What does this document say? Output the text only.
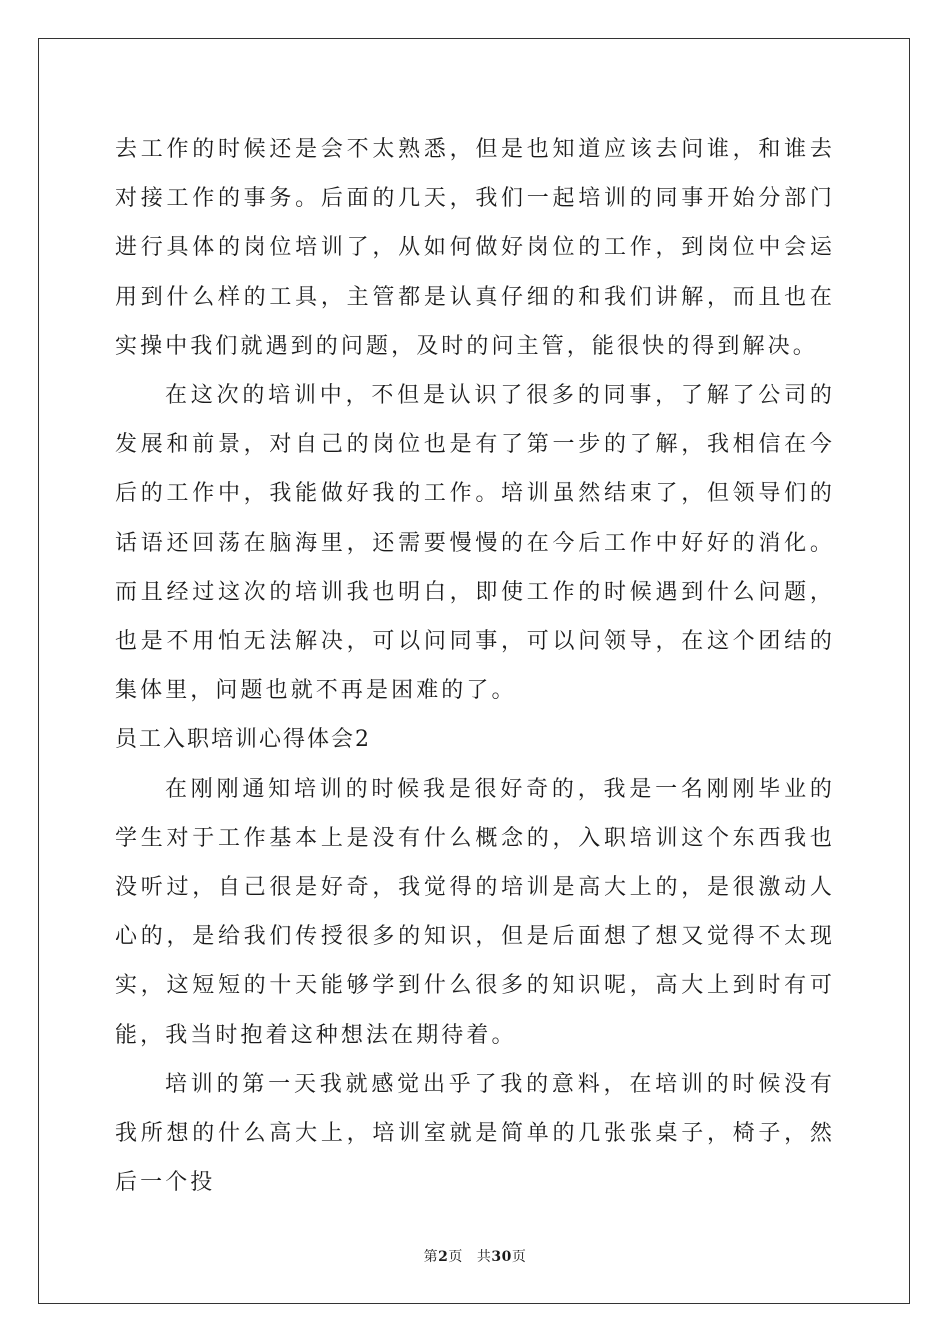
去工作的时候还是会不太熟悉，但是也知道应该去问谁，和谁去对接工作的事务。后面的几天，我们一起培训的同事开始分部门进行具体的岗位培训了，从如何做好岗位的工作，到岗位中会运用到什么样的工具，主管都是认真仔细的和我们讲解，而且也在实操中我们就遇到的问题，及时的问主管，能很快的得到解决。

在这次的培训中，不但是认识了很多的同事，了解了公司的发展和前景，对自己的岗位也是有了第一步的了解，我相信在今后的工作中，我能做好我的工作。培训虽然结束了，但领导们的话语还回荡在脑海里，还需要慢慢的在今后工作中好好的消化。而且经过这次的培训我也明白，即使工作的时候遇到什么问题，也是不用怕无法解决，可以问同事，可以问领导，在这个团结的集体里，问题也就不再是困难的了。

员工入职培训心得体会2

在刚刚通知培训的时候我是很好奇的，我是一名刚刚毕业的学生对于工作基本上是没有什么概念的，入职培训这个东西我也没听过，自己很是好奇，我觉得的培训是高大上的，是很激动人心的，是给我们传授很多的知识，但是后面想了想又觉得不太现实，这短短的十天能够学到什么很多的知识呢，高大上到时有可能，我当时抱着这种想法在期待着。

培训的第一天我就感觉出乎了我的意料，在培训的时候没有我所想的什么高大上，培训室就是简单的几张张桌子，椅子，然后一个投

第2页 共30页
